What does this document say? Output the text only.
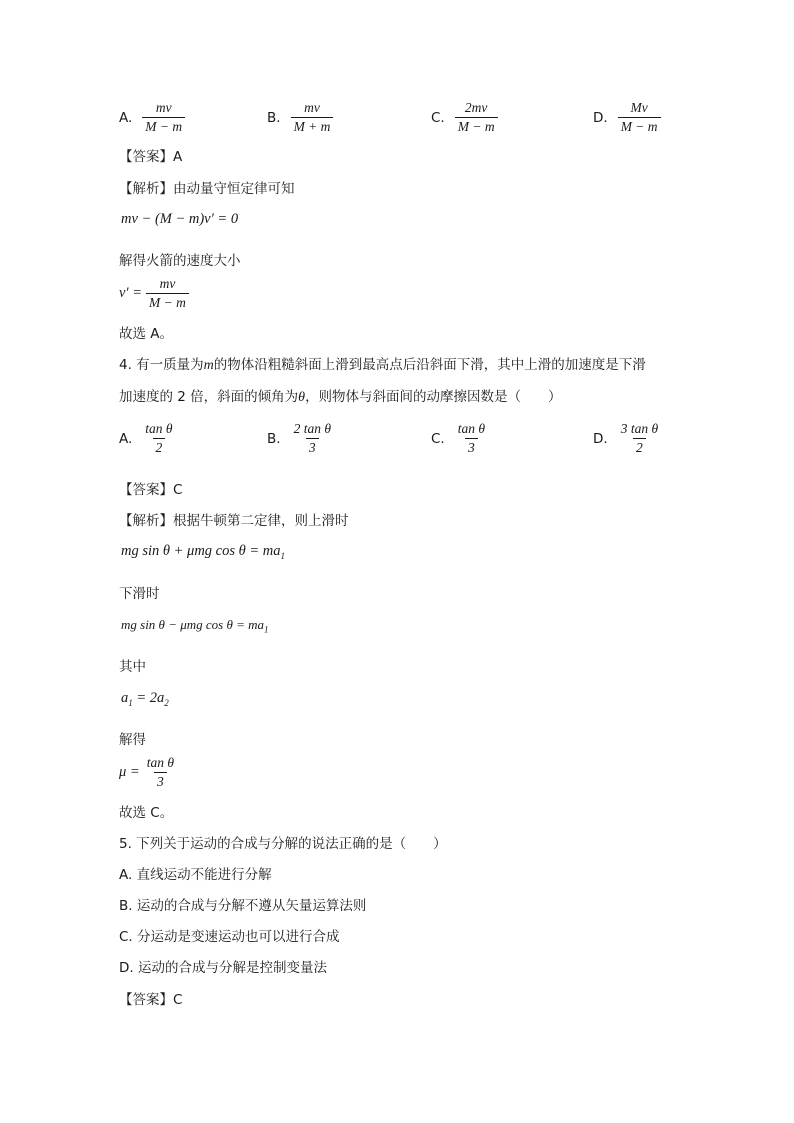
A. $\frac{mv}{M - m}$	B. $\frac{mv}{M + m}$	C. $\frac{2mv}{M - m}$	D. $\frac{Mv}{M - m}$
【答案】A
【解析】由动量守恒定律可知
mv − (M − m)v′ = 0
解得火箭的速度大小
$v' = \frac{mv}{M - m}$
故选 A。
4. 有一质量为m的物体沿粗糙斜面上滑到最高点后沿斜面下滑，其中上滑的加速度是下滑
加速度的 2 倍，斜面的倾角为θ，则物体与斜面间的动摩擦因数是（　　）
A. $\frac{\text{tan θ}}{2}$	B. $\frac{\text{2 tan θ}}{3}$	C. $\frac{\text{tan θ}}{3}$	D. $\frac{\text{3 tan θ}}{2}$
【答案】C
【解析】根据牛顿第二定律，则上滑时
mg sin θ + μmg $\cos \theta = ma_1$
下滑时
mg sin θ − μmg $\cos \theta = ma_1$
其中
$a_1 = 2a_2$
解得
$\mu = \frac{\text{tan θ}}{3}$
故选 C。
5. 下列关于运动的合成与分解的说法正确的是（　　）
A. 直线运动不能进行分解
B. 运动的合成与分解不遵从矢量运算法则
C. 分运动是变速运动也可以进行合成
D. 运动的合成与分解是控制变量法
【答案】C
